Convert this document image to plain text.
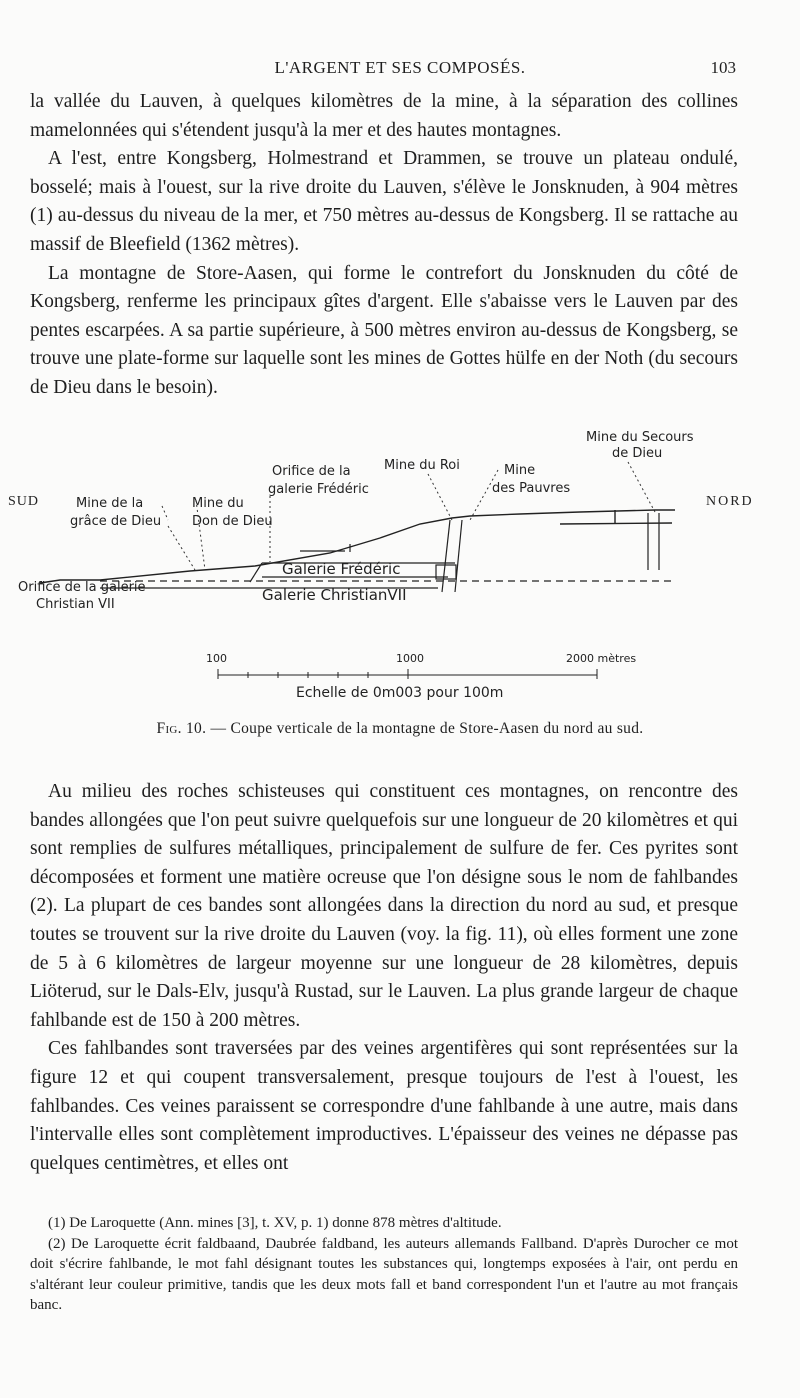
L'ARGENT ET SES COMPOSÉS.	103

la vallée du Lauven, à quelques kilomètres de la mine, à la séparation des collines mamelonnées qui s'étendent jusqu'à la mer et des hautes montagnes.

A l'est, entre Kongsberg, Holmestrand et Drammen, se trouve un plateau ondulé, bosselé; mais à l'ouest, sur la rive droite du Lauven, s'élève le Jonsknuden, à 904 mètres (1) au-dessus du niveau de la mer, et 750 mètres au-dessus de Kongsberg. Il se rattache au massif de Bleefield (1362 mètres).

La montagne de Store-Aasen, qui forme le contrefort du Jonsknuden du côté de Kongsberg, renferme les principaux gîtes d'argent. Elle s'abaisse vers le Lauven par des pentes escarpées. A sa partie supérieure, à 500 mètres environ au-dessus de Kongsberg, se trouve une plate-forme sur laquelle sont les mines de Gottes hülfe en der Noth (du secours de Dieu dans le besoin).

SUD	NORD
Mine de la
grâce de Dieu
Mine du
Don de Dieu
Orifice de la
galerie Frédéric
Mine du Roi	Mine
des Pauvres
Mine du Secours
de Dieu
Galerie Frédéric
Galerie ChristianVII
Orifice de la galerie
Christian VII
100	1000	2000 mètres
Echelle de 0m003 pour 100m
Fig. 10. — Coupe verticale de la montagne de Store-Aasen du nord au sud.

Au milieu des roches schisteuses qui constituent ces montagnes, on rencontre des bandes allongées que l'on peut suivre quelquefois sur une longueur de 20 kilomètres et qui sont remplies de sulfures métalliques, principalement de sulfure de fer. Ces pyrites sont décomposées et forment une matière ocreuse que l'on désigne sous le nom de fahlbandes (2). La plupart de ces bandes sont allongées dans la direction du nord au sud, et presque toutes se trouvent sur la rive droite du Lauven (voy. la fig. 11), où elles forment une zone de 5 à 6 kilomètres de largeur moyenne sur une longueur de 28 kilomètres, depuis Liöterud, sur le Dals-Elv, jusqu'à Rustad, sur le Lauven. La plus grande largeur de chaque fahlbande est de 150 à 200 mètres.

Ces fahlbandes sont traversées par des veines argentifères qui sont représentées sur la figure 12 et qui coupent transversalement, presque toujours de l'est à l'ouest, les fahlbandes. Ces veines paraissent se correspondre d'une fahlbande à une autre, mais dans l'intervalle elles sont complètement improductives. L'épaisseur des veines ne dépasse pas quelques centimètres, et elles ont

(1) De Laroquette (Ann. mines [3], t. XV, p. 1) donne 878 mètres d'altitude.

(2) De Laroquette écrit faldbaand, Daubrée faldband, les auteurs allemands Fallband. D'après Durocher ce mot doit s'écrire fahlbande, le mot fahl désignant toutes les substances qui, longtemps exposées à l'air, ont perdu en s'altérant leur couleur primitive, tandis que les deux mots fall et band correspondent l'un et l'autre au mot français banc.
